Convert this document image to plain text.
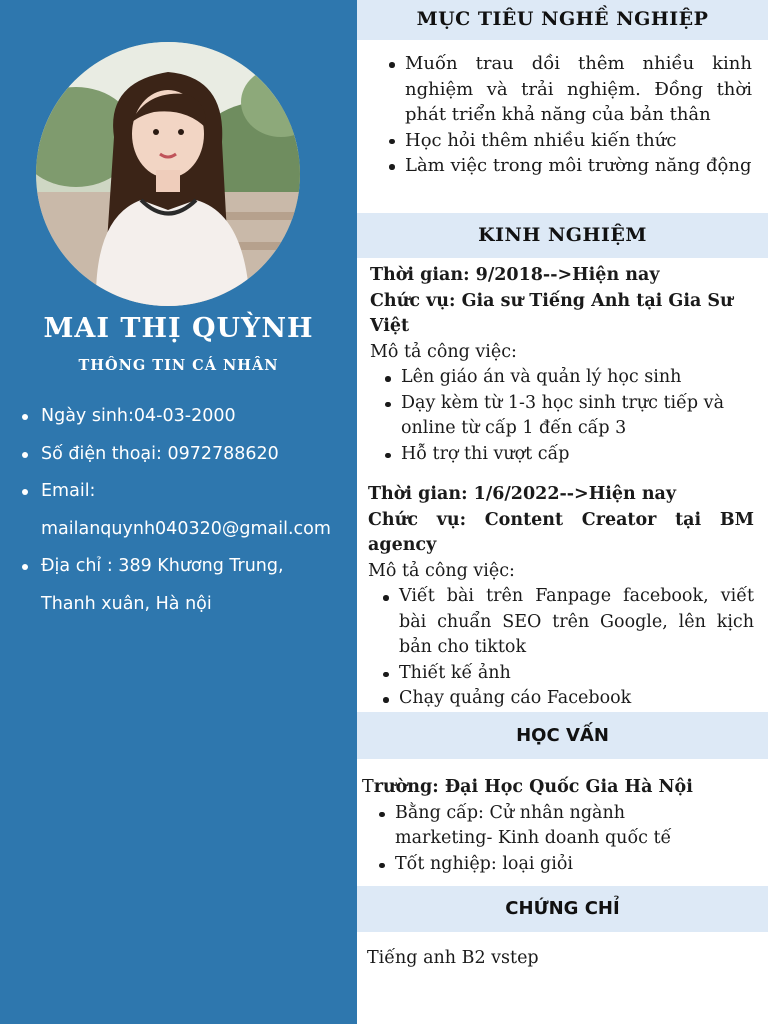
MAI THỊ QUỲNH
THÔNG TIN CÁ NHÂN
Ngày sinh:04-03-2000
Số điện thoại: 0972788620
Email:
mailanquynh040320@gmail.com
Địa chỉ : 389 Khương Trung,
Thanh xuân, Hà nội
MỤC TIÊU NGHỀ NGHIỆP
Muốn trau dồi thêm nhiều kinh nghiệm và trải nghiệm. Đồng thời phát triển khả năng của bản thân
Học hỏi thêm nhiều kiến thức
Làm việc trong môi trường năng động
KINH NGHIỆM

Thời gian: 9/2018-->Hiện nay

Chức vụ: Gia sư Tiếng Anh tại Gia Sư Việt

Mô tả công việc:

Lên giáo án và quản lý học sinh
Dạy kèm từ 1-3 học sinh trực tiếp và online từ cấp 1 đến cấp 3
Hỗ trợ thi vượt cấp

Thời gian: 1/6/2022-->Hiện nay

Chức vụ: Content Creator tại BM agency

Mô tả công việc:

Viết bài trên Fanpage facebook, viết bài chuẩn SEO trên Google, lên kịch bản cho tiktok
Thiết kế ảnh
Chạy quảng cáo Facebook
HỌC VẤN

Trường: Đại Học Quốc Gia Hà Nội

Bằng cấp: Cử nhân ngành marketing- Kinh doanh quốc tế
Tốt nghiệp: loại giỏi
CHỨNG CHỈ

Tiếng anh B2 vstep
